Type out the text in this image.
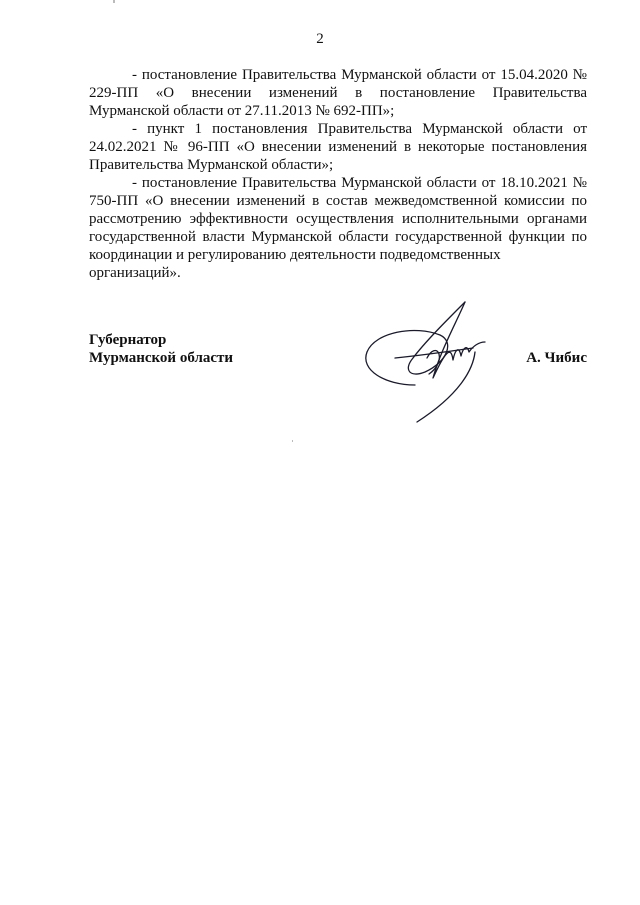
2

- постановление Правительства Мурманской области от 15.04.2020 № 229-ПП «О внесении изменений в постановление Правительства Мурманской области от 27.11.2013 № 692-ПП»;

- пункт 1 постановления Правительства Мурманской области от 24.02.2021 № 96-ПП «О внесении изменений в некоторые постановления Правительства Мурманской области»;

- постановление Правительства Мурманской области от 18.10.2021 № 750-ПП «О внесении изменений в состав межведомственной комиссии по рассмотрению эффективности осуществления исполнительными органами государственной власти Мурманской области государственной функции по координации и регулированию деятельности подведомственных

организаций».

Губернатор
Мурманской области	А. Чибис
